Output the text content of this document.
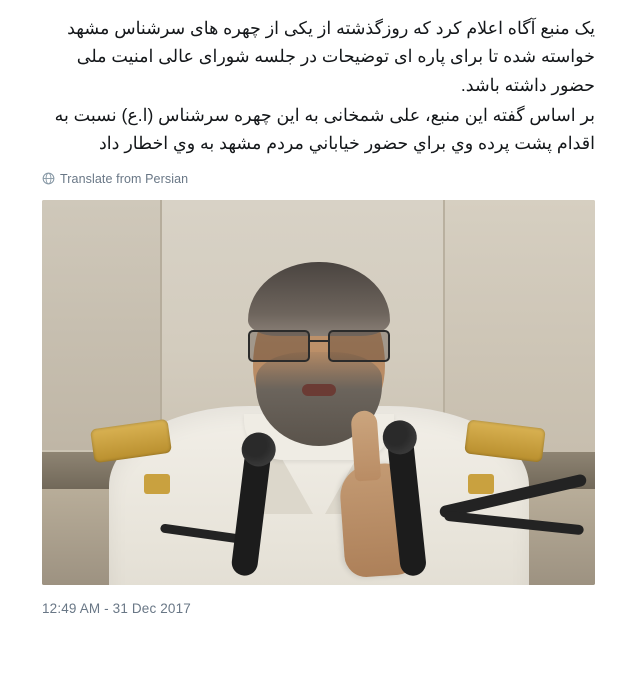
یک منبع آگاه اعلام کرد که روزگذشته از یکی از چهره های سرشناس مشهد خواسته شده تا برای پاره ای توضیحات در جلسه شورای عالی امنیت ملی حضور داشته باشد.

بر اساس گفته این منبع، علی شمخانی به این چهره سرشناس (ا.ع) نسبت به اقدام پشت پرده وي براي حضور خیاباني مردم مشهد به وي اخطار داد

Translate from Persian
12:49 AM - 31 Dec 2017
